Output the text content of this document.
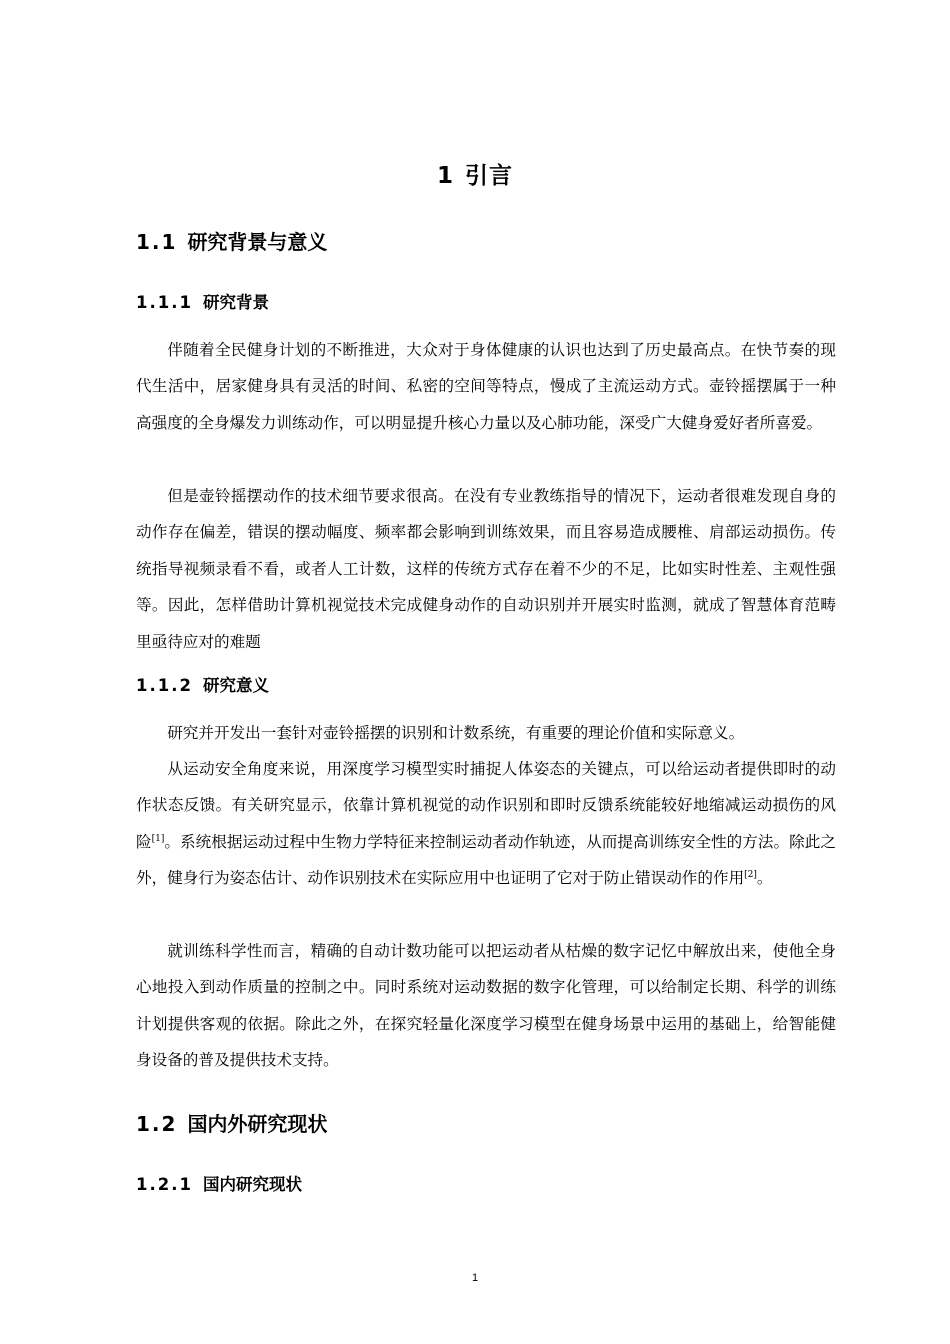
1 引言
1.1 研究背景与意义
1.1.1 研究背景

伴随着全民健身计划的不断推进，大众对于身体健康的认识也达到了历史最高点。在快节奏的现代生活中，居家健身具有灵活的时间、私密的空间等特点，慢成了主流运动方式。壶铃摇摆属于一种高强度的全身爆发力训练动作，可以明显提升核心力量以及心肺功能，深受广大健身爱好者所喜爱。

但是壶铃摇摆动作的技术细节要求很高。在没有专业教练指导的情况下，运动者很难发现自身的动作存在偏差，错误的摆动幅度、频率都会影响到训练效果，而且容易造成腰椎、肩部运动损伤。传统指导视频录看不看，或者人工计数，这样的传统方式存在着不少的不足，比如实时性差、主观性强等。因此，怎样借助计算机视觉技术完成健身动作的自动识别并开展实时监测，就成了智慧体育范畴里亟待应对的难题

1.1.2 研究意义

研究并开发出一套针对壶铃摇摆的识别和计数系统，有重要的理论价值和实际意义。

从运动安全角度来说，用深度学习模型实时捕捉人体姿态的关键点，可以给运动者提供即时的动作状态反馈。有关研究显示，依靠计算机视觉的动作识别和即时反馈系统能较好地缩减运动损伤的风险[1]。系统根据运动过程中生物力学特征来控制运动者动作轨迹，从而提高训练安全性的方法。除此之外，健身行为姿态估计、动作识别技术在实际应用中也证明了它对于防止错误动作的作用[2]。

就训练科学性而言，精确的自动计数功能可以把运动者从枯燥的数字记忆中解放出来，使他全身心地投入到动作质量的控制之中。同时系统对运动数据的数字化管理，可以给制定长期、科学的训练计划提供客观的依据。除此之外，在探究轻量化深度学习模型在健身场景中运用的基础上，给智能健身设备的普及提供技术支持。

1.2 国内外研究现状
1.2.1 国内研究现状
1
